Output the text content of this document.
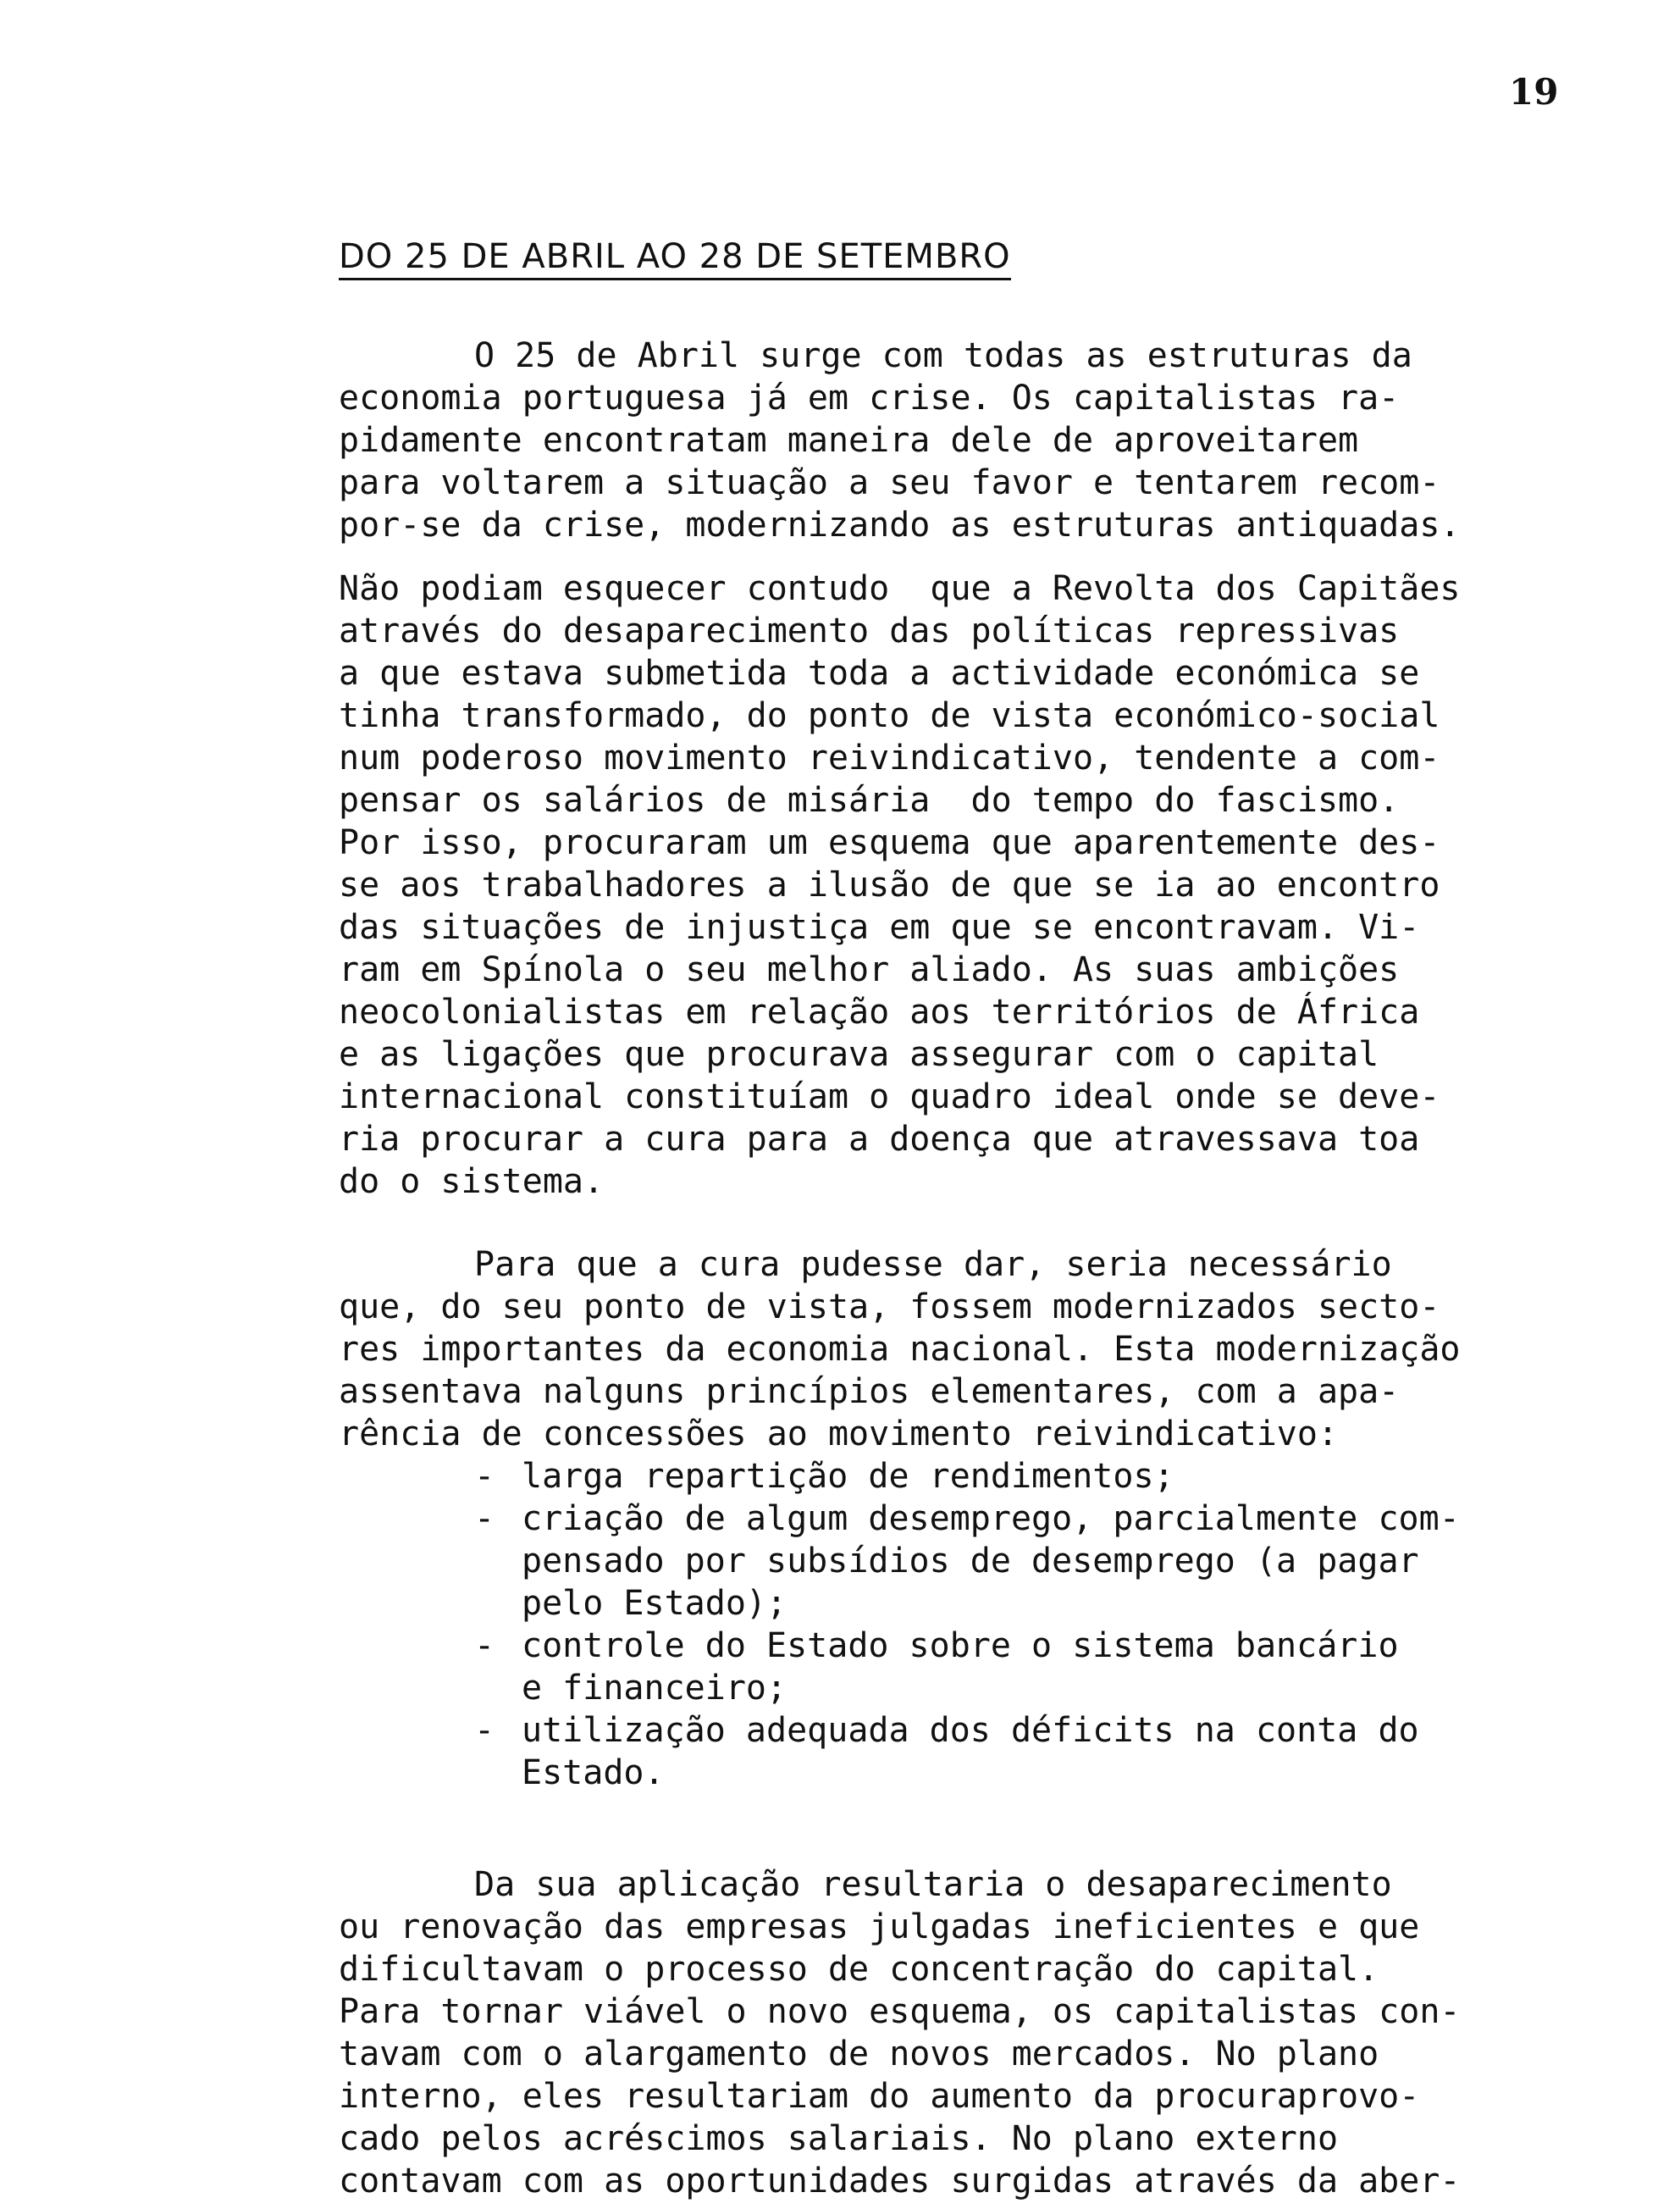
19
DO 25 DE ABRIL AO 28 DE SETEMBRO
O 25 de Abril surge com todas as estruturas da
economia portuguesa já em crise. Os capitalistas ra-
pidamente encontratam maneira dele de aproveitarem
para voltarem a situação a seu favor e tentarem recom-
por-se da crise, modernizando as estruturas antiquadas.
Não podiam esquecer contudo  que a Revolta dos Capitães
através do desaparecimento das políticas repressivas
a que estava submetida toda a actividade económica se
tinha transformado, do ponto de vista económico-social
num poderoso movimento reivindicativo, tendente a com-
pensar os salários de misária  do tempo do fascismo.
Por isso, procuraram um esquema que aparentemente des-
se aos trabalhadores a ilusão de que se ia ao encontro
das situações de injustiça em que se encontravam. Vi-
ram em Spínola o seu melhor aliado. As suas ambições
neocolonialistas em relação aos territórios de África
e as ligações que procurava assegurar com o capital
internacional constituíam o quadro ideal onde se deve-
ria procurar a cura para a doença que atravessava toa
do o sistema.
Para que a cura pudesse dar, seria necessário
que, do seu ponto de vista, fossem modernizados secto-
res importantes da economia nacional. Esta modernização
assentava nalguns princípios elementares, com a apa-
rência de concessões ao movimento reivindicativo:
- larga repartição de rendimentos;
- criação de algum desemprego, parcialmente com-
pensado por subsídios de desemprego (a pagar
pelo Estado);
- controle do Estado sobre o sistema bancário
e financeiro;
- utilização adequada dos déficits na conta do
Estado.
Da sua aplicação resultaria o desaparecimento
ou renovação das empresas julgadas ineficientes e que
dificultavam o processo de concentração do capital.
Para tornar viável o novo esquema, os capitalistas con-
tavam com o alargamento de novos mercados. No plano
interno, eles resultariam do aumento da procuraprovo-
cado pelos acréscimos salariais. No plano externo
contavam com as oportunidades surgidas através da aber-
